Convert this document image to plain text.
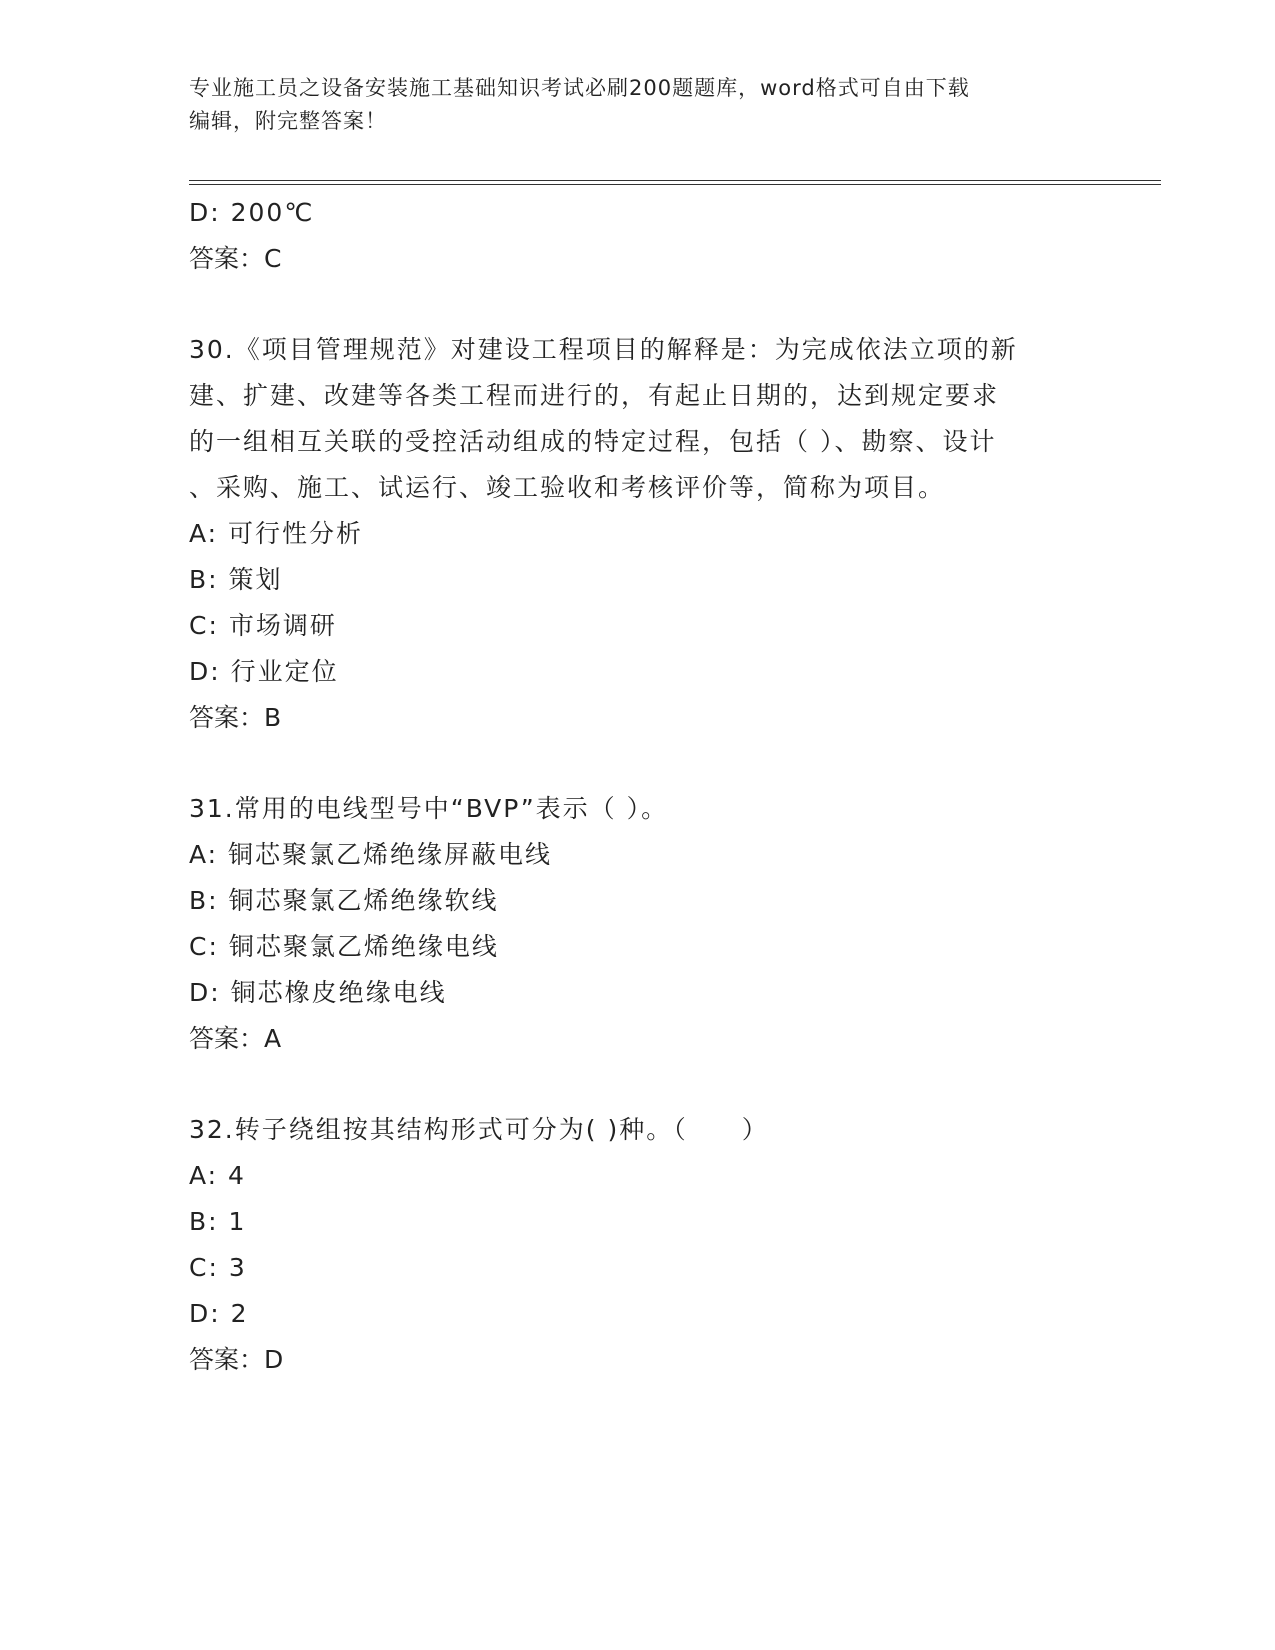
专业施工员之设备安装施工基础知识考试必刷200题题库，word格式可自由下载
编辑，附完整答案！
D: 200℃
答案：C
30.《项目管理规范》对建设工程项目的解释是：为完成依法立项的新
建、扩建、改建等各类工程而进行的，有起止日期的，达到规定要求
的一组相互关联的受控活动组成的特定过程，包括（ ）、勘察、设计
、采购、施工、试运行、竣工验收和考核评价等，简称为项目。
A: 可行性分析
B: 策划
C: 市场调研
D: 行业定位
答案：B
31.常用的电线型号中“BVP”表示（ ）。
A: 铜芯聚氯乙烯绝缘屏蔽电线
B: 铜芯聚氯乙烯绝缘软线
C: 铜芯聚氯乙烯绝缘电线
D: 铜芯橡皮绝缘电线
答案：A
32.转子绕组按其结构形式可分为( )种。（　　）
A: 4
B: 1
C: 3
D: 2
答案：D
